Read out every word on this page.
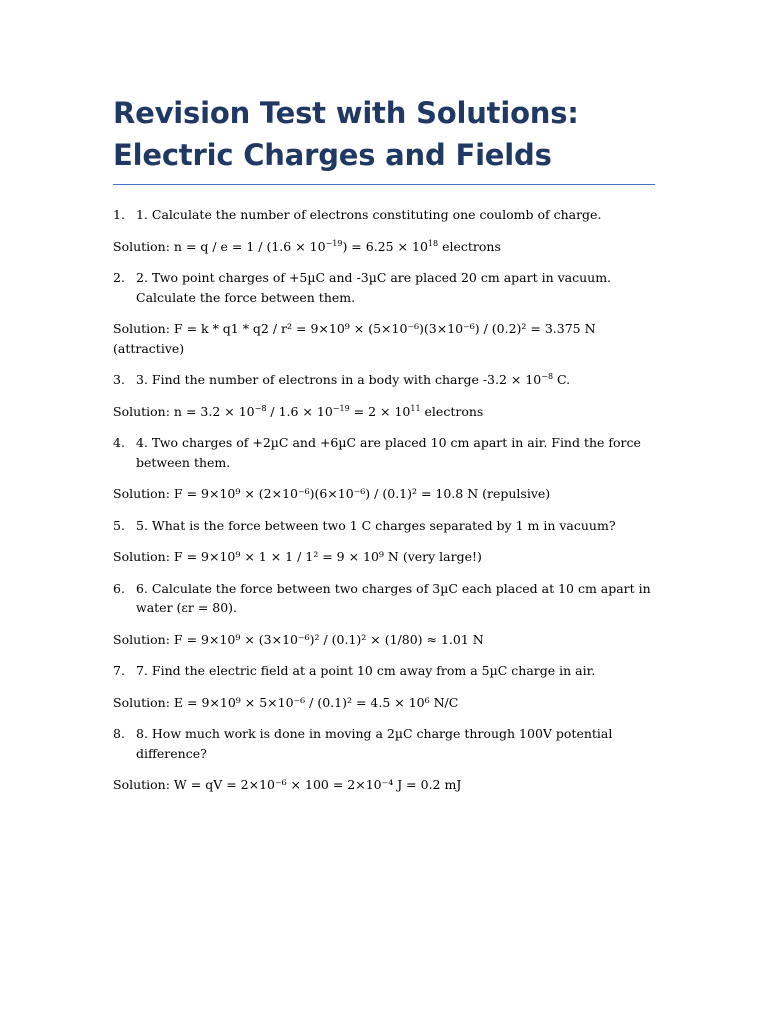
Revision Test with Solutions: Electric Charges and Fields
1. 1. Calculate the number of electrons constituting one coulomb of charge.
Solution: $n = q / e = 1 / (1.6 \times 10^{-19}) = 6.25 \times 10^{18}$ electrons
2. 2. Two point charges of +5µC and -3µC are placed 20 cm apart in vacuum. Calculate the force between them.
Solution: F = k * q1 * q2 / r² = 9×10⁹ × (5×10⁻⁶)(3×10⁻⁶) / (0.2)² = 3.375 N (attractive)
3. 3. Find the number of electrons in a body with charge $-3.2 \times 10^{-8}$ C.
Solution: $n = 3.2 \times 10^{-8} / 1.6 \times 10^{-19} = 2 \times 10^{11}$ electrons
4. 4. Two charges of +2µC and +6µC are placed 10 cm apart in air. Find the force between them.
Solution: F = 9×10⁹ × (2×10⁻⁶)(6×10⁻⁶) / (0.1)² = 10.8 N (repulsive)
5. 5. What is the force between two 1 C charges separated by 1 m in vacuum?
Solution: F = 9×10⁹ × 1 × 1 / 1² = 9 × 10⁹ N (very large!)
6. 6. Calculate the force between two charges of 3µC each placed at 10 cm apart in water (εr = 80).
Solution: F = 9×10⁹ × (3×10⁻⁶)² / (0.1)² × (1/80) ≈ 1.01 N
7. 7. Find the electric field at a point 10 cm away from a 5µC charge in air.
Solution: E = 9×10⁹ × 5×10⁻⁶ / (0.1)² = 4.5 × 10⁶ N/C
8. 8. How much work is done in moving a 2µC charge through 100V potential difference?
Solution: W = qV = 2×10⁻⁶ × 100 = 2×10⁻⁴ J = 0.2 mJ
